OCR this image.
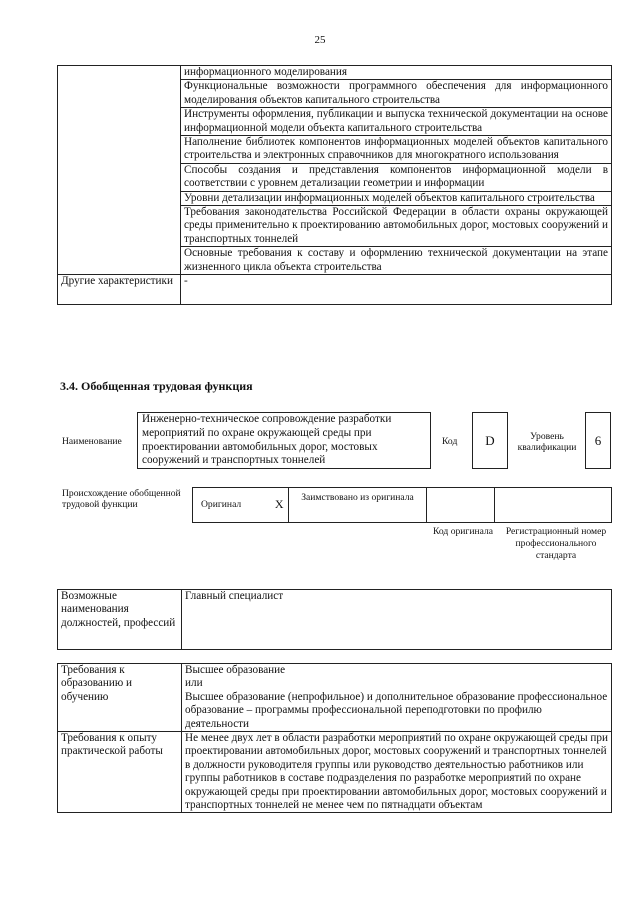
25
	информационного моделирования
	Функциональные возможности программного обеспечения для информационного моделирования объектов капитального строительства
	Инструменты оформления, публикации и выпуска технической документации на основе информационной модели объекта капитального строительства
	Наполнение библиотек компонентов информационных моделей объектов капитального строительства и электронных справочников для многократного использования
	Способы создания и представления компонентов информационной модели в соответствии с уровнем детализации геометрии и информации
	Уровни детализации информационных моделей объектов капитального строительства
	Требования законодательства Российской Федерации в области охраны окружающей среды применительно к проектированию автомобильных дорог, мостовых сооружений и транспортных тоннелей
	Основные требования к составу и оформлению технической документации на этапе жизненного цикла объекта строительства
Другие характеристики	-
3.4. Обобщенная трудовая функция
Наименование
Инженерно-техническое сопровождение разработки мероприятий по охране окружающей среды при проектировании автомобильных дорог, мостовых сооружений и транспортных тоннелей
Код	D	Уровень квалификации	6
Происхождение обобщенной трудовой функции	Оригинал	X	Заимствовано из оригинала		
Код оригинала	Регистрационный номер профессионального стандарта
Возможные наименования должностей, профессий	Главный специалист
Требования к образованию и обучению	Высшее образование
или
Высшее образование (непрофильное) и дополнительное образование профессиональное образование – программы профессиональной переподготовки по профилю деятельности

Требования к опыту практической работы	Не менее двух лет в области разработки мероприятий по охране окружающей среды при проектировании автомобильных дорог, мостовых сооружений и транспортных тоннелей в должности руководителя группы или руководство деятельностью работников или группы работников в составе подразделения по разработке мероприятий по охране окружающей среды при проектировании автомобильных дорог, мостовых сооружений и транспортных тоннелей не менее чем по пятнадцати объектам
